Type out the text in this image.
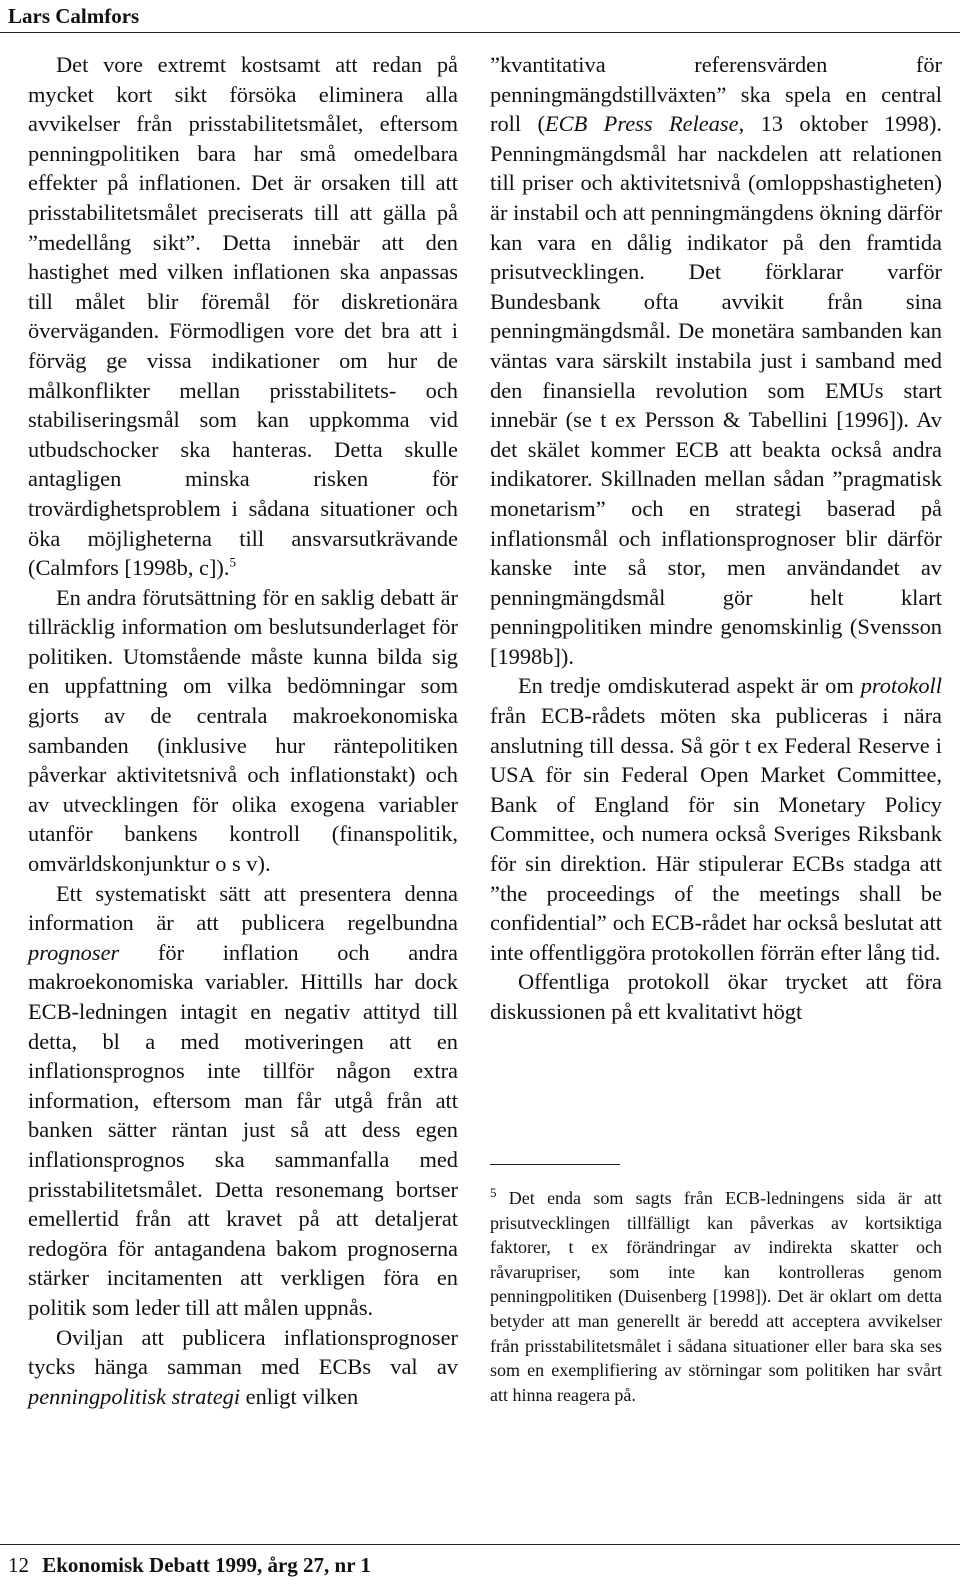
Lars Calmfors

Det vore extremt kostsamt att redan på mycket kort sikt försöka eliminera alla avvikelser från prisstabilitetsmålet, eftersom penningpolitiken bara har små omedelbara effekter på inflationen. Det är orsaken till att prisstabilitetsmålet preciserats till att gälla på ”medellång sikt”. Detta innebär att den hastighet med vilken inflationen ska anpassas till målet blir föremål för diskretionära överväganden. Förmodligen vore det bra att i förväg ge vissa indikationer om hur de målkonflikter mellan prisstabilitets- och stabiliseringsmål som kan uppkomma vid utbudschocker ska hanteras. Detta skulle antagligen minska risken för trovärdighetsproblem i sådana situationer och öka möjligheterna till ansvarsutkrävande (Calmfors [1998b, c]).$^5$

En andra förutsättning för en saklig debatt är tillräcklig information om beslutsunderlaget för politiken. Utomstående måste kunna bilda sig en uppfattning om vilka bedömningar som gjorts av de centrala makroekonomiska sambanden (inklusive hur räntepolitiken påverkar aktivitetsnivå och inflationstakt) och av utvecklingen för olika exogena variabler utanför bankens kontroll (finanspolitik, omvärldskonjunktur o s v).

Ett systematiskt sätt att presentera denna information är att publicera regelbundna prognoser för inflation och andra makroekonomiska variabler. Hittills har dock ECB-ledningen intagit en negativ attityd till detta, bl a med motiveringen att en inflationsprognos inte tillför någon extra information, eftersom man får utgå från att banken sätter räntan just så att dess egen inflationsprognos ska sammanfalla med prisstabilitetsmålet. Detta resonemang bortser emellertid från att kravet på att detaljerat redogöra för antagandena bakom prognoserna stärker incitamenten att verkligen föra en politik som leder till att målen uppnås.

Oviljan att publicera inflationsprognoser tycks hänga samman med ECBs val av penningpolitisk strategi enligt vilken

”kvantitativa referensvärden för penningmängdstillväxten” ska spela en central roll (ECB Press Release, 13 oktober 1998). Penningmängdsmål har nackdelen att relationen till priser och aktivitetsnivå (omloppshastigheten) är instabil och att penningmängdens ökning därför kan vara en dålig indikator på den framtida prisutvecklingen. Det förklarar varför Bundesbank ofta avvikit från sina penningmängdsmål. De monetära sambanden kan väntas vara särskilt instabila just i samband med den finansiella revolution som EMUs start innebär (se t ex Persson & Tabellini [1996]). Av det skälet kommer ECB att beakta också andra indikatorer. Skillnaden mellan sådan ”pragmatisk monetarism” och en strategi baserad på inflationsmål och inflationsprognoser blir därför kanske inte så stor, men användandet av penningmängdsmål gör helt klart penningpolitiken mindre genomskinlig (Svensson [1998b]).

En tredje omdiskuterad aspekt är om protokoll från ECB-rådets möten ska publiceras i nära anslutning till dessa. Så gör t ex Federal Reserve i USA för sin Federal Open Market Committee, Bank of England för sin Monetary Policy Committee, och numera också Sveriges Riksbank för sin direktion. Här stipulerar ECBs stadga att ”the proceedings of the meetings shall be confidential” och ECB-rådet har också beslutat att inte offentliggöra protokollen förrän efter lång tid.

Offentliga protokoll ökar trycket att föra diskussionen på ett kvalitativt högt

$^5$ Det enda som sagts från ECB-ledningens sida är att prisutvecklingen tillfälligt kan påverkas av kortsiktiga faktorer, t ex förändringar av indirekta skatter och råvarupriser, som inte kan kontrolleras genom penningpolitiken (Duisenberg [1998]). Det är oklart om detta betyder att man generellt är beredd att acceptera avvikelser från prisstabilitetsmålet i sådana situationer eller bara ska ses som en exemplifiering av störningar som politiken har svårt att hinna reagera på.

12 Ekonomisk Debatt 1999, årg 27, nr 1
